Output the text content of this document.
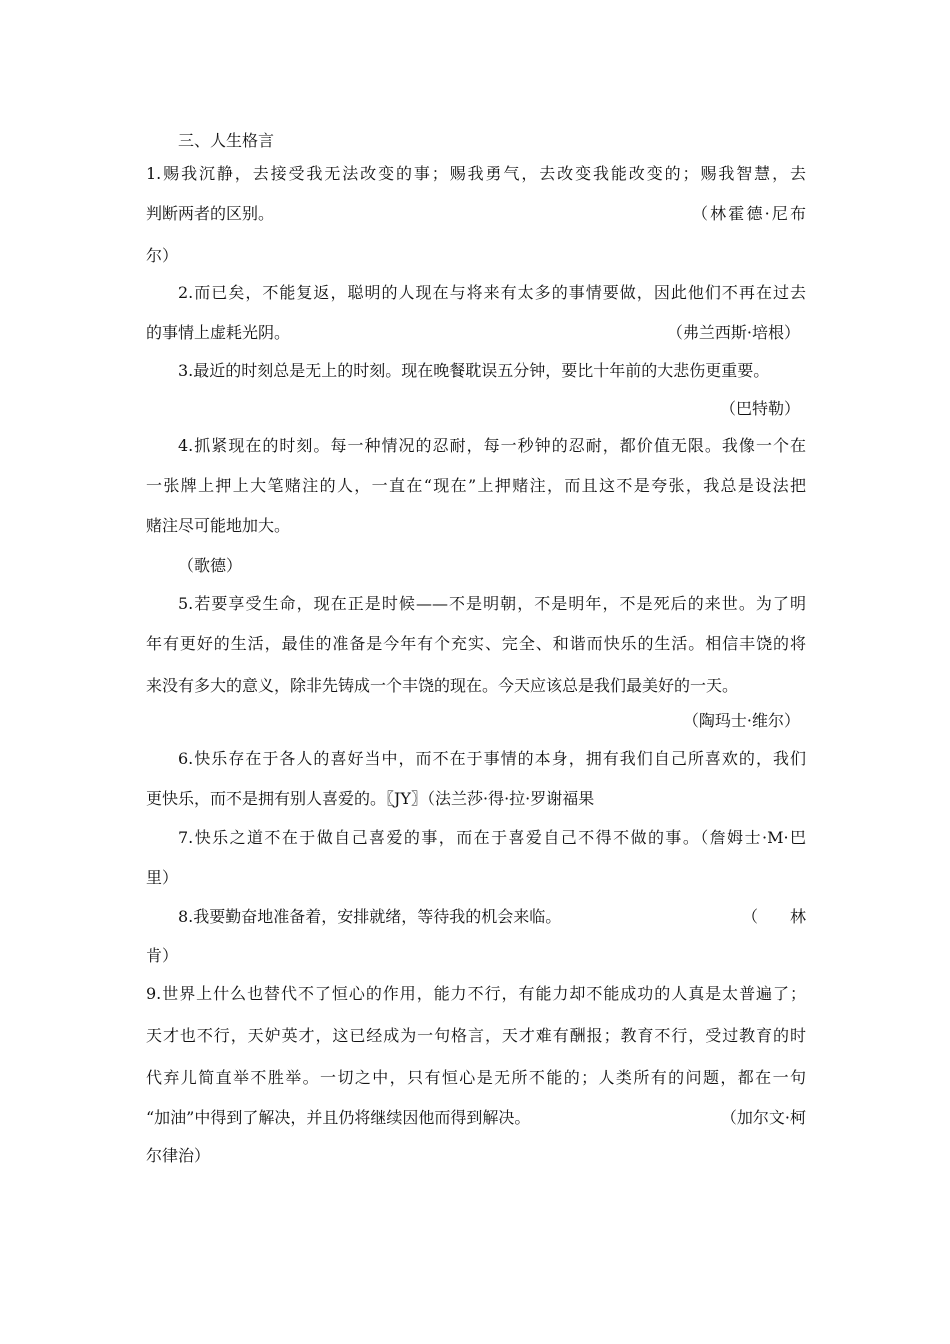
三、人生格言
1.赐我沉静，去接受我无法改变的事；赐我勇气，去改变我能改变的；赐我智慧，去
判断两者的区别。	（林霍德·尼布
尔）
2.而已矣，不能复返，聪明的人现在与将来有太多的事情要做，因此他们不再在过去
的事情上虚耗光阴。	（弗兰西斯·培根）
3.最近的时刻总是无上的时刻。现在晚餐耽误五分钟，要比十年前的大悲伤更重要。
（巴特勒）
4.抓紧现在的时刻。每一种情况的忍耐，每一秒钟的忍耐，都价值无限。我像一个在
一张牌上押上大笔赌注的人，一直在“现在”上押赌注，而且这不是夸张，我总是设法把
赌注尽可能地加大。
（歌德）
5.若要享受生命，现在正是时候——不是明朝，不是明年，不是死后的来世。为了明
年有更好的生活，最佳的准备是今年有个充实、完全、和谐而快乐的生活。相信丰饶的将
来没有多大的意义，除非先铸成一个丰饶的现在。今天应该总是我们最美好的一天。
（陶玛士·维尔）
6.快乐存在于各人的喜好当中，而不在于事情的本身，拥有我们自己所喜欢的，我们
更快乐，而不是拥有别人喜爱的。〖JY〗（法兰莎·得·拉·罗谢福果
7.快乐之道不在于做自己喜爱的事，而在于喜爱自己不得不做的事。（詹姆士·M·巴
里）
8.我要勤奋地准备着，安排就绪，等待我的机会来临。	（　　林
肯）
9.世界上什么也替代不了恒心的作用，能力不行，有能力却不能成功的人真是太普遍了；
天才也不行，天妒英才，这已经成为一句格言，天才难有酬报；教育不行，受过教育的时
代弃儿简直举不胜举。一切之中，只有恒心是无所不能的；人类所有的问题，都在一句
“加油”中得到了解决，并且仍将继续因他而得到解决。	（加尔文·柯
尔律治）
